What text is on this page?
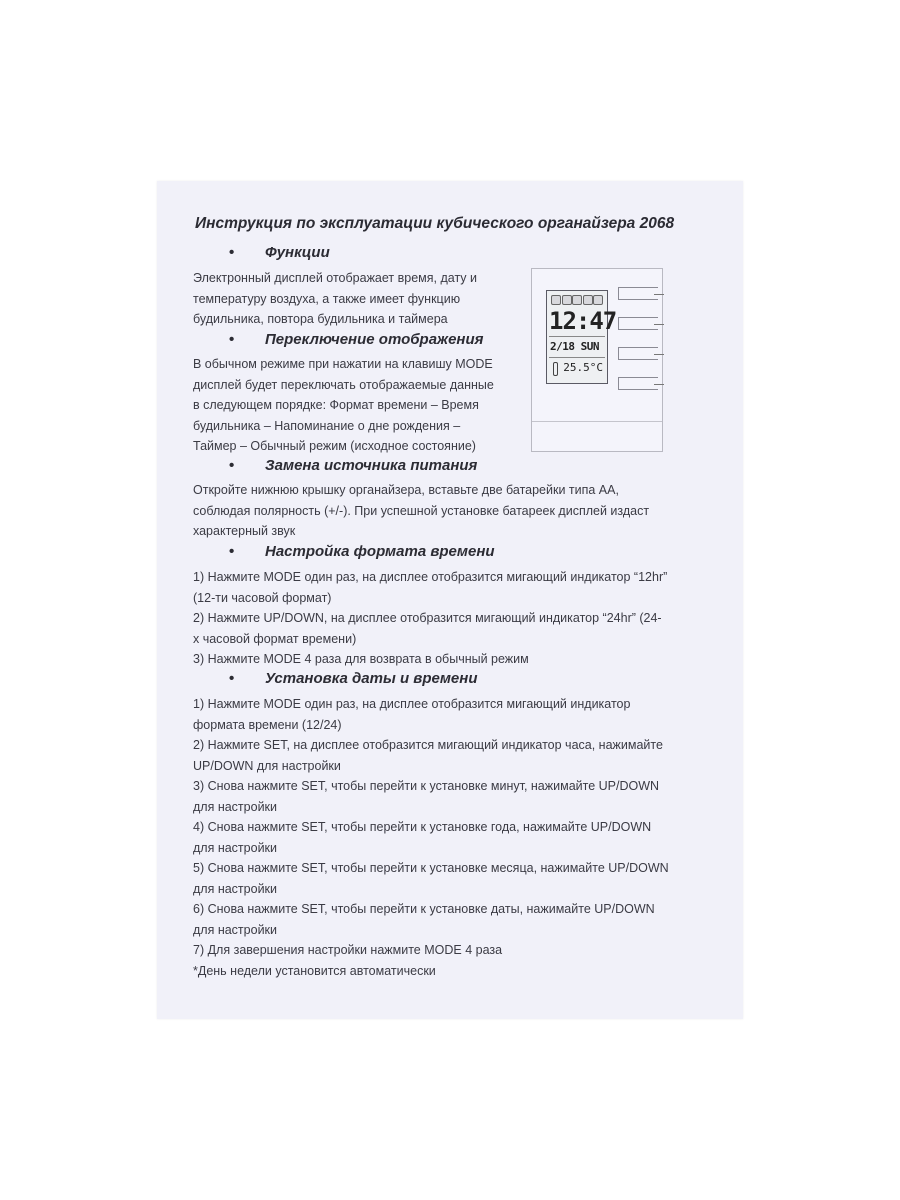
Инструкция по эксплуатации кубического органайзера 2068
• Функции

Электронный дисплей отображает время, дату и

температуру воздуха, а также имеет функцию

будильника, повтора будильника и таймера

• Переключение отображения

В обычном режиме при нажатии на клавишу MODE

дисплей будет переключать отображаемые данные

в следующем порядке: Формат времени – Время

будильника – Напоминание о дне рождения –

Таймер – Обычный режим (исходное состояние)

12:47
2/18 SUN
25.5°C
• Замена источника питания

Откройте нижнюю крышку органайзера, вставьте две батарейки типа АА,

соблюдая полярность (+/-). При успешной установке батареек дисплей издаст

характерный звук

• Настройка формата времени

1) Нажмите MODE один раз, на дисплее отобразится мигающий индикатор “12hr”

(12-ти часовой формат)

2) Нажмите UP/DOWN, на дисплее отобразится мигающий индикатор “24hr” (24-

х часовой формат времени)

3) Нажмите MODE 4 раза для возврата в обычный режим

• Установка даты и времени

1) Нажмите MODE один раз, на дисплее отобразится мигающий индикатор

формата времени (12/24)

2) Нажмите SET, на дисплее отобразится мигающий индикатор часа, нажимайте

UP/DOWN для настройки

3) Снова нажмите SET, чтобы перейти к установке минут, нажимайте UP/DOWN

для настройки

4) Снова нажмите SET, чтобы перейти к установке года, нажимайте UP/DOWN

для настройки

5) Снова нажмите SET, чтобы перейти к установке месяца, нажимайте UP/DOWN

для настройки

6) Снова нажмите SET, чтобы перейти к установке даты, нажимайте UP/DOWN

для настройки

7) Для завершения настройки нажмите MODE 4 раза

*День недели установится автоматически
